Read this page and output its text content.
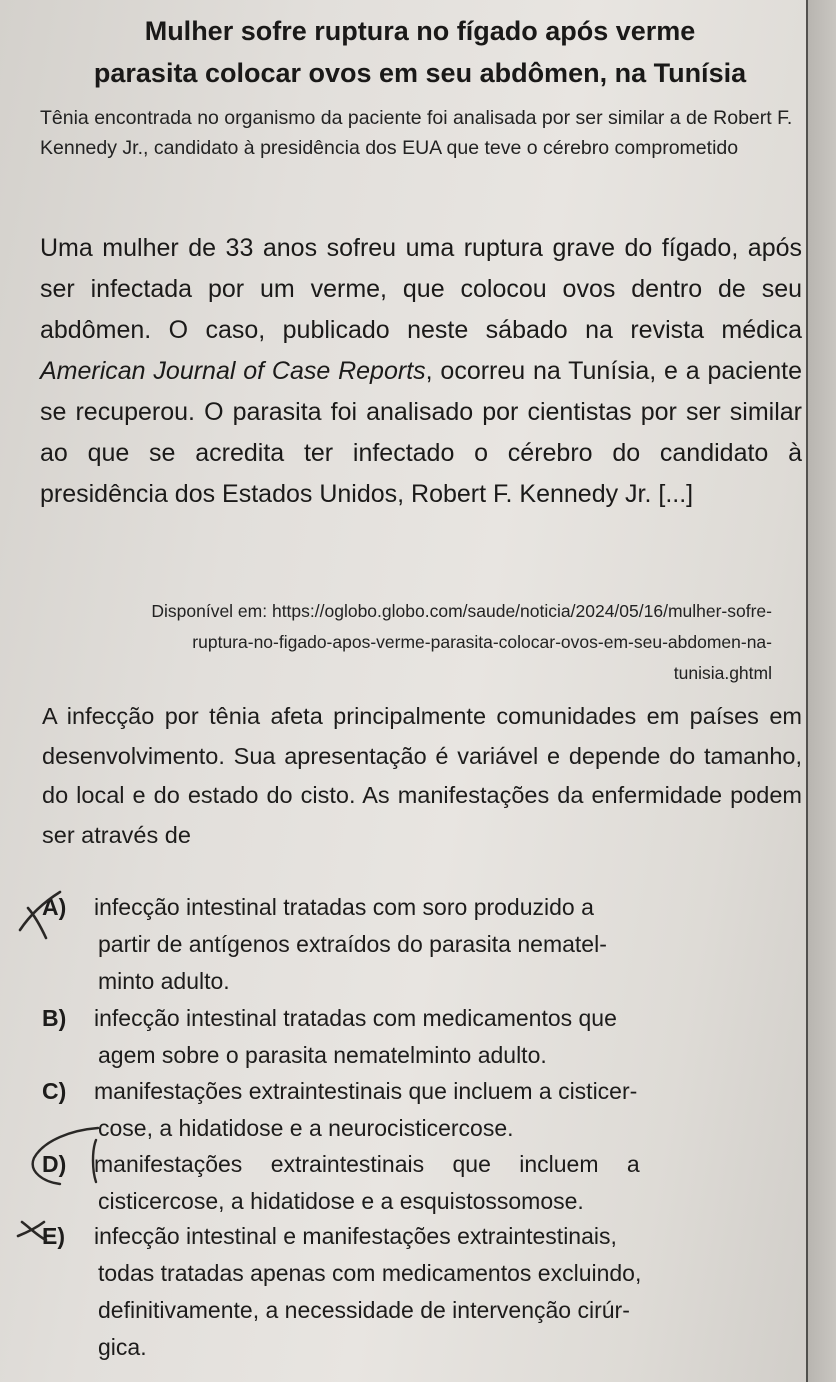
Mulher sofre ruptura no fígado após verme
parasita colocar ovos em seu abdômen, na Tunísia
Tênia encontrada no organismo da paciente foi analisada por ser similar a de Robert F. Kennedy Jr., candidato à presidência dos EUA que teve o cérebro comprometido
Uma mulher de 33 anos sofreu uma ruptura grave do fígado, após ser infectada por um verme, que colocou ovos dentro de seu abdômen. O caso, publicado neste sábado na revista médica American Journal of Case Reports, ocorreu na Tunísia, e a paciente se recuperou. O parasita foi analisado por cientistas por ser similar ao que se acredita ter infectado o cérebro do candidato à presidência dos Estados Unidos, Robert F. Kennedy Jr. [...]
Disponível em: https://oglobo.globo.com/saude/noticia/2024/05/16/mulher-sofre-
ruptura-no-figado-apos-verme-parasita-colocar-ovos-em-seu-abdomen-na-
tunisia.ghtml
A infecção por tênia afeta principalmente comunidades em países em desenvolvimento. Sua apresentação é variável e depende do tamanho, do local e do estado do cisto. As manifestações da enfermidade podem ser através de
A) infecção intestinal tratadas com soro produzido a
partir de antígenos extraídos do parasita nematel-
minto adulto.
B) infecção intestinal tratadas com medicamentos que
agem sobre o parasita nematelminto adulto.
C) manifestações extraintestinais que incluem a cisticer-
cose, a hidatidose e a neurocisticercose.
D) manifestações extraintestinais que incluem a
cisticercose, a hidatidose e a esquistossomose.
E) infecção intestinal e manifestações extraintestinais,
todas tratadas apenas com medicamentos excluindo,
definitivamente, a necessidade de intervenção cirúr-
gica.
